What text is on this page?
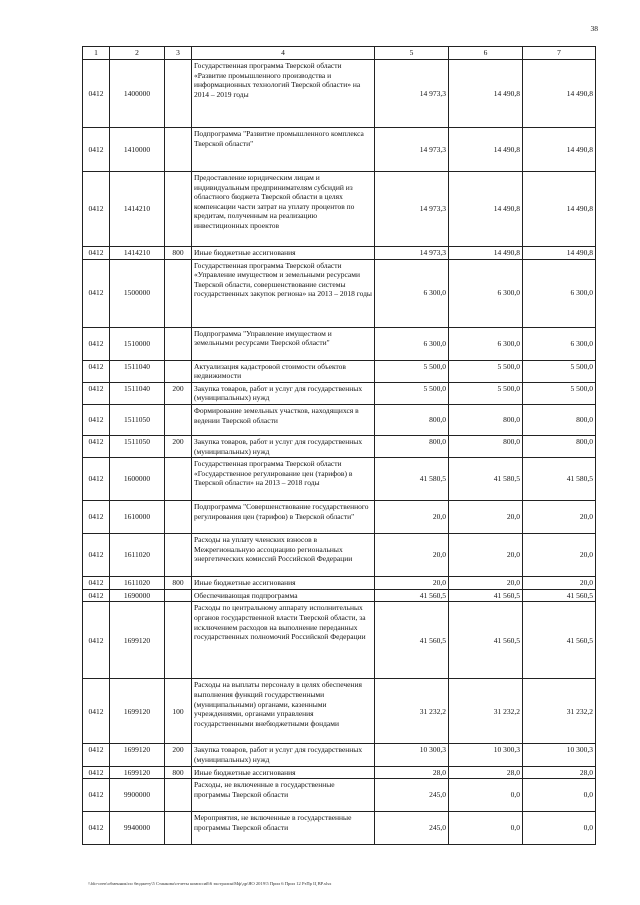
38
1	2	3	4	5	6	7
0412	1400000		Государственная программа Тверской области «Развитие промышленного производства и информационных технологий Тверской области» на 2014 – 2019 годы	14 973,3	14 490,8	14 490,8
0412	1410000		Подпрограмма "Развитие промышленного комплекса Тверской области"	14 973,3	14 490,8	14 490,8
0412	1414210		Предоставление юридическим лицам и индивидуальным предпринимателям субсидий из областного бюджета Тверской области в целях компенсации части затрат на уплату процентов по кредитам, полученным на реализацию инвестиционных проектов	14 973,3	14 490,8	14 490,8
0412	1414210	800	Иные бюджетные ассигнования	14 973,3	14 490,8	14 490,8
0412	1500000		Государственная программа Тверской области «Управление имуществом и земельными ресурсами Тверской области, совершенствование системы государственных закупок региона» на 2013 – 2018 годы	6 300,0	6 300,0	6 300,0
0412	1510000		Подпрограмма "Управление имуществом и земельными ресурсами Тверской области"	6 300,0	6 300,0	6 300,0
0412	1511040		Актуализация кадастровой стоимости объектов недвижимости	5 500,0	5 500,0	5 500,0
0412	1511040	200	Закупка товаров, работ и услуг для государственных (муниципальных) нужд	5 500,0	5 500,0	5 500,0
0412	1511050		Формирование земельных участков, находящихся в ведении Тверской области	800,0	800,0	800,0
0412	1511050	200	Закупка товаров, работ и услуг для государственных (муниципальных) нужд	800,0	800,0	800,0
0412	1600000		Государственная программа Тверской области «Государственное регулирование цен (тарифов) в Тверской области» на 2013 – 2018 годы	41 580,5	41 580,5	41 580,5
0412	1610000		Подпрограмма "Совершенствование государственного регулирования цен (тарифов) в Тверской области"	20,0	20,0	20,0
0412	1611020		Расходы на уплату членских взносов в Межрегиональную ассоциацию региональных энергетических комиссий Российской Федерации	20,0	20,0	20,0
0412	1611020	800	Иные бюджетные ассигнования	20,0	20,0	20,0
0412	1690000		Обеспечивающая подпрограмма	41 560,5	41 560,5	41 560,5
0412	1699120		Расходы по центральному аппарату исполнительных органов государственной власти Тверской области, за исключением расходов на выполнение переданных государственных полномочий Российской Федерации	41 560,5	41 560,5	41 560,5
0412	1699120	100	Расходы на выплаты персоналу в целях обеспечения выполнения функций государственными (муниципальными) органами, казенными учреждениями, органами управления государственными внебюджетными фондами	31 232,2	31 232,2	31 232,2
0412	1699120	200	Закупка товаров, работ и услуг для государственных (муниципальных) нужд	10 300,3	10 300,3	10 300,3
0412	1699120	800	Иные бюджетные ассигнования	28,0	28,0	28,0
0412	9900000		Расходы, не включенные в государственные программы Тверской области	245,0	0,0	0,0
0412	9940000		Мероприятия, не включенные в государственные программы Тверской области	245,0	0,0	0,0
\\fdo-oren\обменник\по бюджету\5 Станкова\отчеты комиссий\6 экстралия\Мф\др\ЯО 2019\5 Прил 6 Прил 12 РзПр Ц ВР.xlsx
